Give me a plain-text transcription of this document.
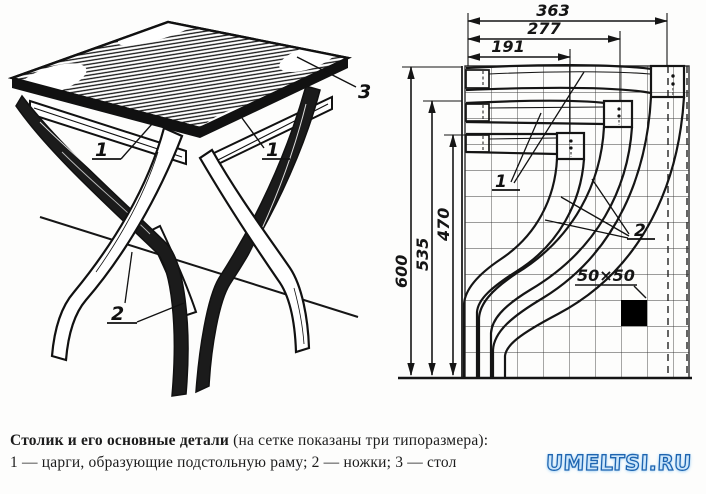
1	1
3
2
363
277
191
600
535
470
50×50
1
2
Столик и его основные детали (на сетке показаны три типоразмера):
1 — царги, образующие подстольную раму; 2 — ножки; 3 — стол	UMELTSI.RU
